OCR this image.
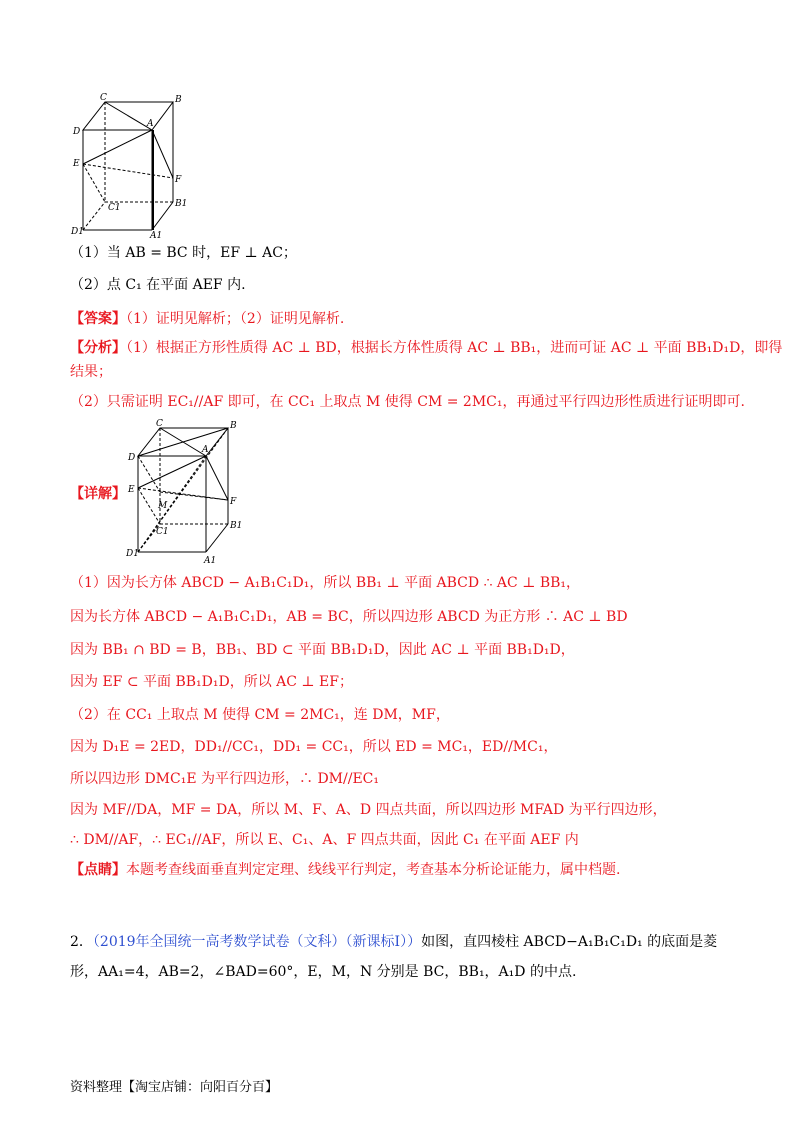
C	B
D
A
E
F
B1
C1
D1	A1
（1）当 AB = BC 时，EF ⊥ AC；
（2）点 C₁ 在平面 AEF 内.
【答案】（1）证明见解析；（2）证明见解析.
【分析】（1）根据正方形性质得 AC ⊥ BD，根据长方体性质得 AC ⊥ BB₁，进而可证 AC ⊥ 平面 BB₁D₁D，即得
结果；
（2）只需证明 EC₁//AF 即可，在 CC₁ 上取点 M 使得 CM = 2MC₁，再通过平行四边形性质进行证明即可.
C	B
D
A
E
F
M
B1
C1
D1
A1
【详解】
（1）因为长方体 ABCD − A₁B₁C₁D₁，所以 BB₁ ⊥ 平面 ABCD ∴ AC ⊥ BB₁，
因为长方体 ABCD − A₁B₁C₁D₁，AB = BC，所以四边形 ABCD 为正方形 ∴ AC ⊥ BD
因为 BB₁ ∩ BD = B，BB₁、BD ⊂ 平面 BB₁D₁D，因此 AC ⊥ 平面 BB₁D₁D，
因为 EF ⊂ 平面 BB₁D₁D，所以 AC ⊥ EF；
（2）在 CC₁ 上取点 M 使得 CM = 2MC₁，连 DM，MF，
因为 D₁E = 2ED，DD₁//CC₁，DD₁ = CC₁，所以 ED = MC₁，ED//MC₁，
所以四边形 DMC₁E 为平行四边形，∴ DM//EC₁
因为 MF//DA，MF = DA，所以 M、F、A、D 四点共面，所以四边形 MFAD 为平行四边形，
∴ DM//AF，∴ EC₁//AF，所以 E、C₁、A、F 四点共面，因此 C₁ 在平面 AEF 内
【点睛】本题考查线面垂直判定定理、线线平行判定，考查基本分析论证能力，属中档题.
2．（2019年全国统一高考数学试卷（文科）（新课标Ⅰ））如图，直四棱柱 ABCD−A₁B₁C₁D₁ 的底面是菱
形，AA₁=4，AB=2，∠BAD=60°，E，M，N 分别是 BC，BB₁，A₁D 的中点.
资料整理【淘宝店铺：向阳百分百】
